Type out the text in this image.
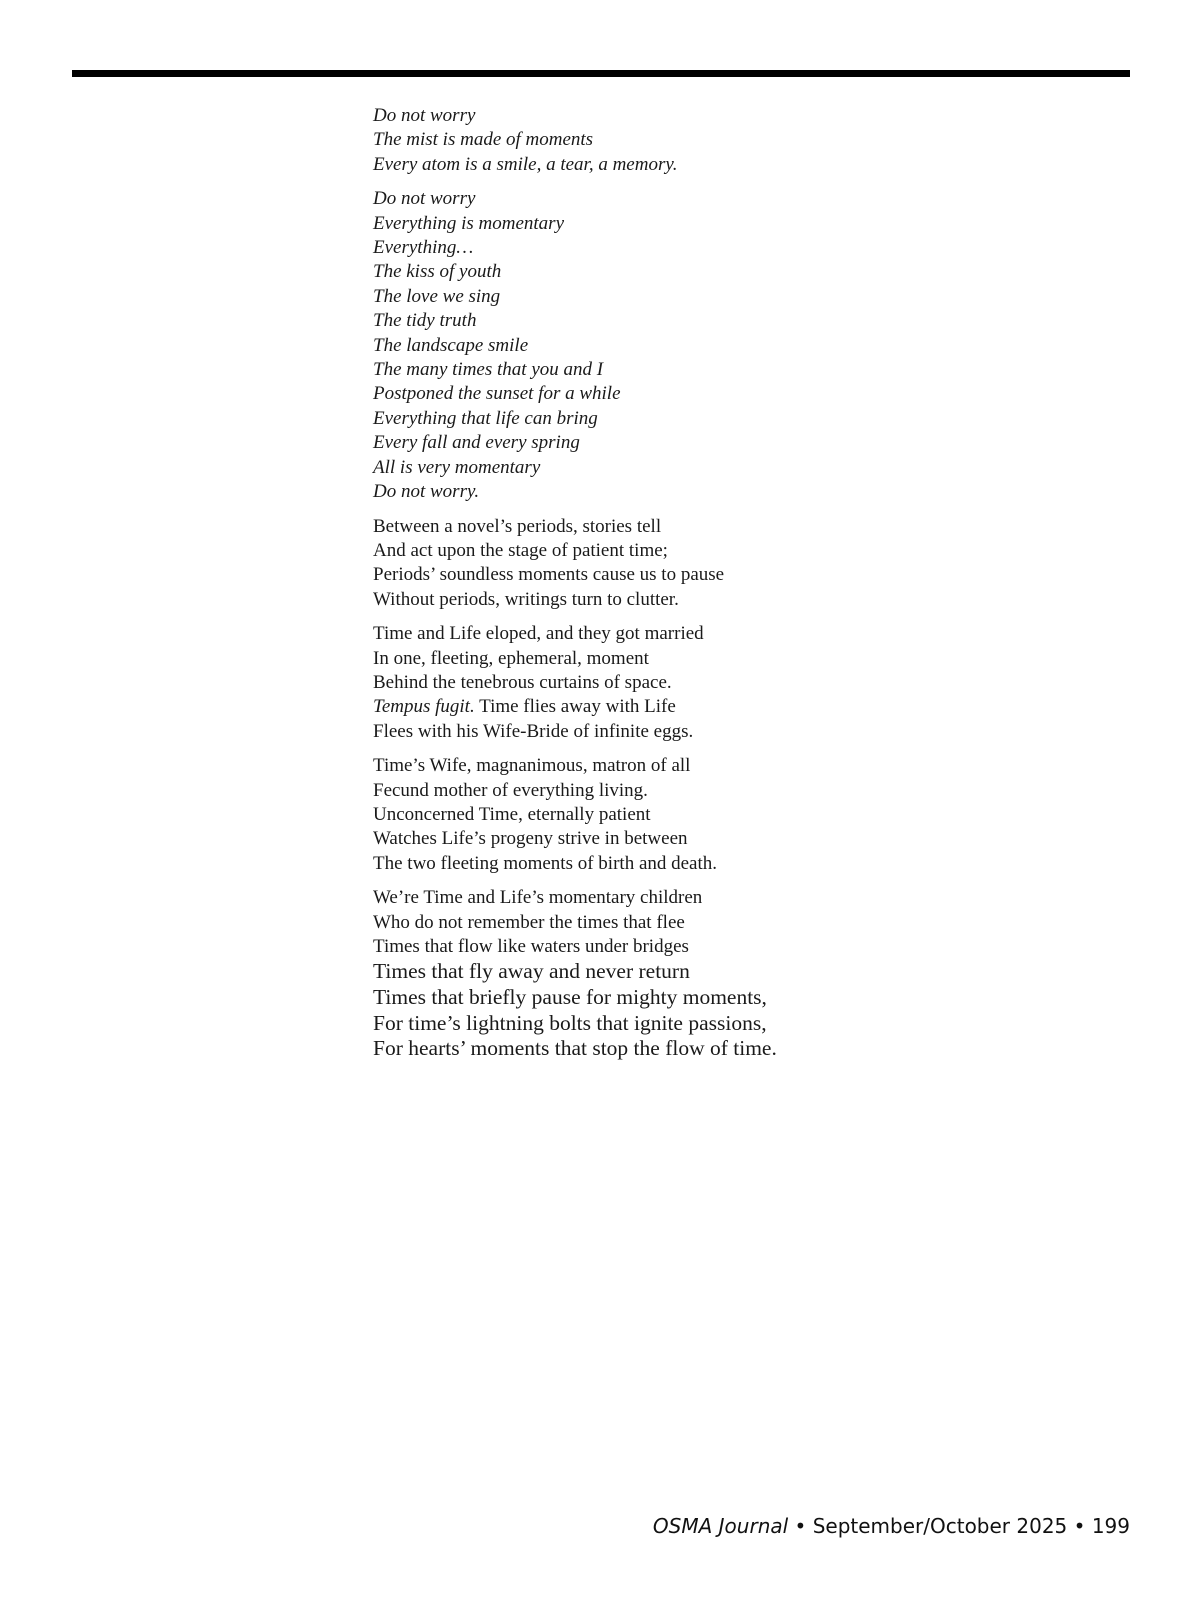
Do not worry
The mist is made of moments
Every atom is a smile, a tear, a memory.
Do not worry
Everything is momentary
Everything…
The kiss of youth
The love we sing
The tidy truth
The landscape smile
The many times that you and I
Postponed the sunset for a while
Everything that life can bring
Every fall and every spring
All is very momentary
Do not worry.
Between a novel’s periods, stories tell
And act upon the stage of patient time;
Periods’ soundless moments cause us to pause
Without periods, writings turn to clutter.
Time and Life eloped, and they got married
In one, fleeting, ephemeral, moment
Behind the tenebrous curtains of space.
Tempus fugit. Time flies away with Life
Flees with his Wife-Bride of infinite eggs.
Time’s Wife, magnanimous, matron of all
Fecund mother of everything living.
Unconcerned Time, eternally patient
Watches Life’s progeny strive in between
The two fleeting moments of birth and death.
We’re Time and Life’s momentary children
Who do not remember the times that flee
Times that flow like waters under bridges
Times that fly away and never return
Times that briefly pause for mighty moments,
For time’s lightning bolts that ignite passions,
For hearts’ moments that stop the flow of time.
OSMA Journal • September/October 2025 • 199
